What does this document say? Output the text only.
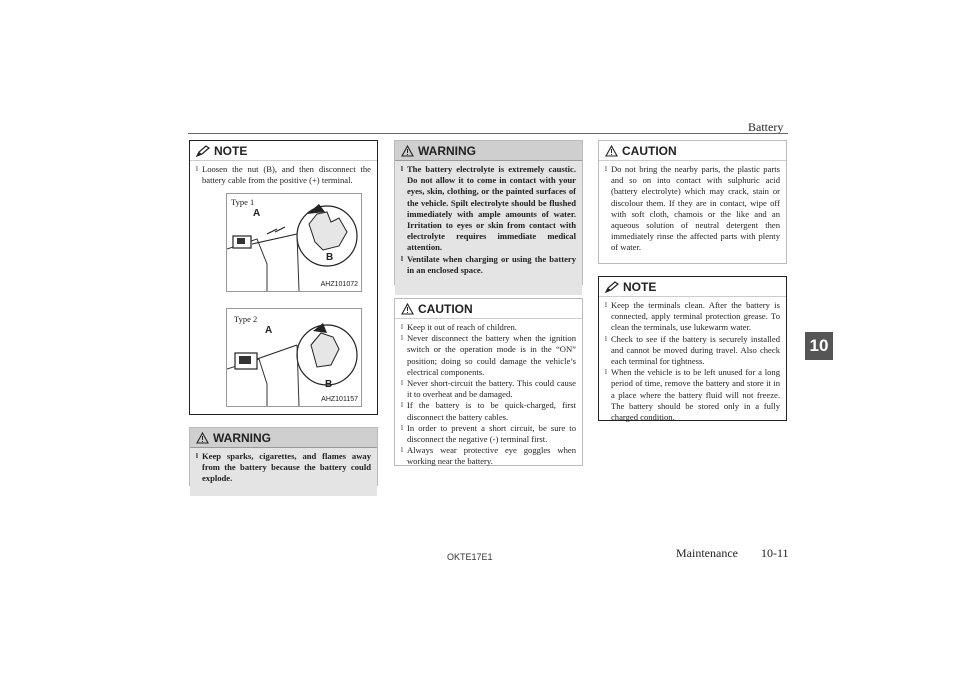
Battery
10
NOTE
l Loosen the nut (B), and then disconnect the battery cable from the positive (+) terminal.
Type 1
A
B
AHZ101072
Type 2
A
B
AHZ101157
WARNING
l Keep sparks, cigarettes, and flames away from the battery because the battery could explode.
WARNING
l The battery electrolyte is extremely caustic. Do not allow it to come in contact with your eyes, skin, clothing, or the painted surfaces of the vehicle. Spilt electrolyte should be flushed immediately with ample amounts of water. Irritation to eyes or skin from contact with electrolyte requires immediate medical attention.
l Ventilate when charging or using the battery in an enclosed space.
CAUTION
l Keep it out of reach of children.
l Never disconnect the battery when the ignition switch or the operation mode is in the “ON” position; doing so could damage the vehicle’s electrical components.
l Never short-circuit the battery. This could cause it to overheat and be damaged.
l If the battery is to be quick-charged, first disconnect the battery cables.
l In order to prevent a short circuit, be sure to disconnect the negative (-) terminal first.
l Always wear protective eye goggles when working near the battery.
CAUTION
l Do not bring the nearby parts, the plastic parts and so on into contact with sulphuric acid (battery electrolyte) which may crack, stain or discolour them. If they are in contact, wipe off with soft cloth, chamois or the like and an aqueous solution of neutral detergent then immediately rinse the affected parts with plenty of water.
NOTE
l Keep the terminals clean. After the battery is connected, apply terminal protection grease. To clean the terminals, use lukewarm water.
l Check to see if the battery is securely installed and cannot be moved during travel. Also check each terminal for tightness.
l When the vehicle is to be left unused for a long period of time, remove the battery and store it in a place where the battery fluid will not freeze. The battery should be stored only in a fully charged condition.
OKTE17E1	Maintenance 10-11
